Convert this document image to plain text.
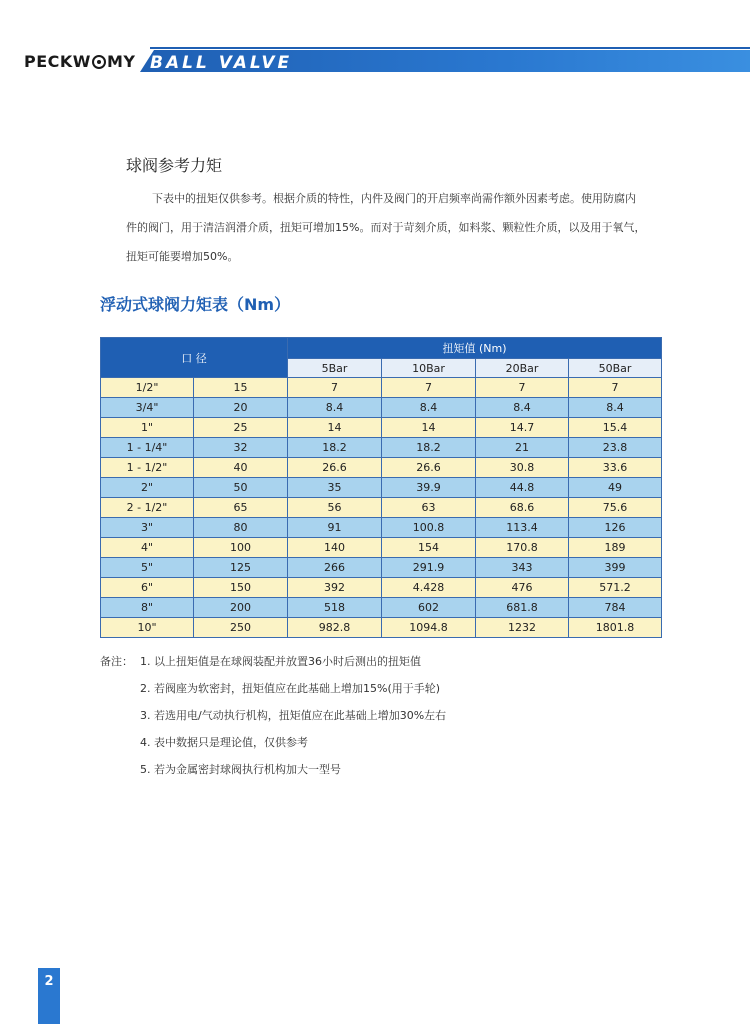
PECKW MY BALL VALVE
球阀参考力矩
下表中的扭矩仅供参考。根据介质的特性，内件及阀门的开启频率尚需作额外因素考虑。使用防腐内
件的阀门，用于清洁润滑介质，扭矩可增加15%。而对于苛刻介质，如料浆、颗粒性介质，以及用于氧气，
扭矩可能要增加50%。
浮动式球阀力矩表（Nm）
口 径		扭矩值 (Nm)			
		5Bar	10Bar	20Bar	50Bar
1/2"	15	7	7	7	7
3/4"	20	8.4	8.4	8.4	8.4
1"	25	14	14	14.7	15.4
1 - 1/4"	32	18.2	18.2	21	23.8
1 - 1/2"	40	26.6	26.6	30.8	33.6
2"	50	35	39.9	44.8	49
2 - 1/2"	65	56	63	68.6	75.6
3"	80	91	100.8	113.4	126
4"	100	140	154	170.8	189
5"	125	266	291.9	343	399
6"	150	392	4.428	476	571.2
8"	200	518	602	681.8	784
10"	250	982.8	1094.8	1232	1801.8
备注： 1. 以上扭矩值是在球阀装配并放置36小时后测出的扭矩值
2. 若阀座为软密封，扭矩值应在此基础上增加15%(用于手轮)
3. 若选用电/气动执行机构，扭矩值应在此基础上增加30%左右
4. 表中数据只是理论值，仅供参考
5. 若为金属密封球阀执行机构加大一型号
2
